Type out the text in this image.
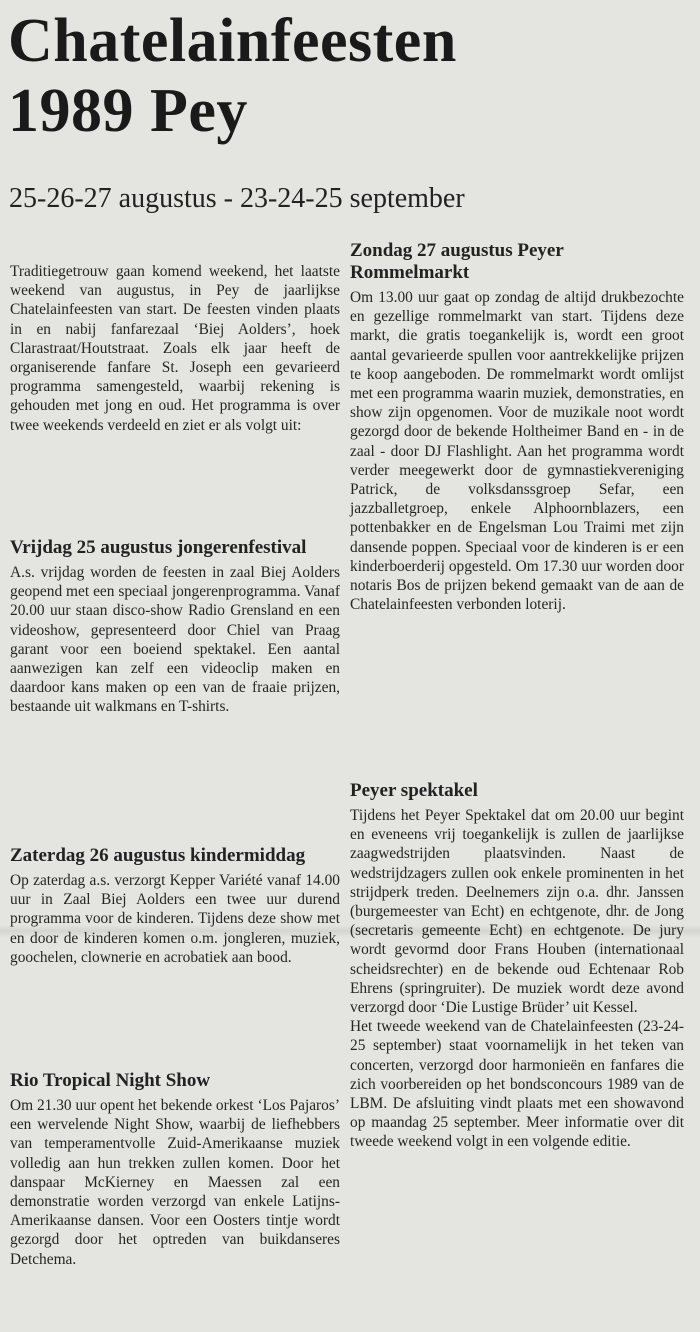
Chatelainfeesten
1989 Pey
25-26-27 augustus - 23-24-25 september

Traditiegetrouw gaan komend weekend, het laatste weekend van augustus, in Pey de jaarlijkse Chatelainfeesten van start. De feesten vinden plaats in en nabij fanfarezaal ‘Biej Aolders’, hoek Clarastraat/Houtstraat. Zoals elk jaar heeft de organiserende fanfare St. Joseph een gevarieerd programma samengesteld, waarbij rekening is gehouden met jong en oud. Het programma is over twee weekends verdeeld en ziet er als volgt uit:

Vrijdag 25 augustus jongerenfestival

A.s. vrijdag worden de feesten in zaal Biej Aolders geopend met een speciaal jongerenprogramma. Vanaf 20.00 uur staan disco-show Radio Grensland en een videoshow, gepresenteerd door Chiel van Praag garant voor een boeiend spektakel. Een aantal aanwezigen kan zelf een videoclip maken en daardoor kans maken op een van de fraaie prijzen, bestaande uit walkmans en T-shirts.

Zaterdag 26 augustus kindermiddag

Op zaterdag a.s. verzorgt Kepper Variété vanaf 14.00 uur in Zaal Biej Aolders een twee uur durend programma voor de kinderen. Tijdens deze show met en door de kinderen komen o.m. jongleren, muziek, goochelen, clownerie en acrobatiek aan bood.

Rio Tropical Night Show

Om 21.30 uur opent het bekende orkest ‘Los Pajaros’ een wervelende Night Show, waarbij de liefhebbers van temperamentvolle Zuid-Amerikaanse muziek volledig aan hun trekken zullen komen. Door het danspaar McKierney en Maessen zal een demonstratie worden verzorgd van enkele Latijns-Amerikaanse dansen. Voor een Oosters tintje wordt gezorgd door het optreden van buikdanseres Detchema.

Zondag 27 augustus Peyer Rommelmarkt

Om 13.00 uur gaat op zondag de altijd drukbezochte en gezellige rommelmarkt van start. Tijdens deze markt, die gratis toegankelijk is, wordt een groot aantal gevarieerde spullen voor aantrekkelijke prijzen te koop aangeboden. De rommelmarkt wordt omlijst met een programma waarin muziek, demonstraties, en show zijn opgenomen. Voor de muzikale noot wordt gezorgd door de bekende Holtheimer Band en - in de zaal - door DJ Flashlight. Aan het programma wordt verder meegewerkt door de gymnastiekvereniging Patrick, de volksdanssgroep Sefar, een jazzballetgroep, enkele Alphoornblazers, een pottenbakker en de Engelsman Lou Traimi met zijn dansende poppen. Speciaal voor de kinderen is er een kinderboerderij opgesteld. Om 17.30 uur worden door notaris Bos de prijzen bekend gemaakt van de aan de Chatelainfeesten verbonden loterij.

Peyer spektakel

Tijdens het Peyer Spektakel dat om 20.00 uur begint en eveneens vrij toegankelijk is zullen de jaarlijkse zaagwedstrijden plaatsvinden. Naast de wedstrijdzagers zullen ook enkele prominenten in het strijdperk treden. Deelnemers zijn o.a. dhr. Janssen (burgemeester van Echt) en echtgenote, dhr. de Jong (secretaris gemeente Echt) en echtgenote. De jury wordt gevormd door Frans Houben (internationaal scheidsrechter) en de bekende oud Echtenaar Rob Ehrens (springruiter). De muziek wordt deze avond verzorgd door ‘Die Lustige Brüder’ uit Kessel.

Het tweede weekend van de Chatelainfeesten (23-24-25 september) staat voornamelijk in het teken van concerten, verzorgd door harmonieën en fanfares die zich voorbereiden op het bondsconcours 1989 van de LBM. De afsluiting vindt plaats met een showavond op maandag 25 september. Meer informatie over dit tweede weekend volgt in een volgende editie.
